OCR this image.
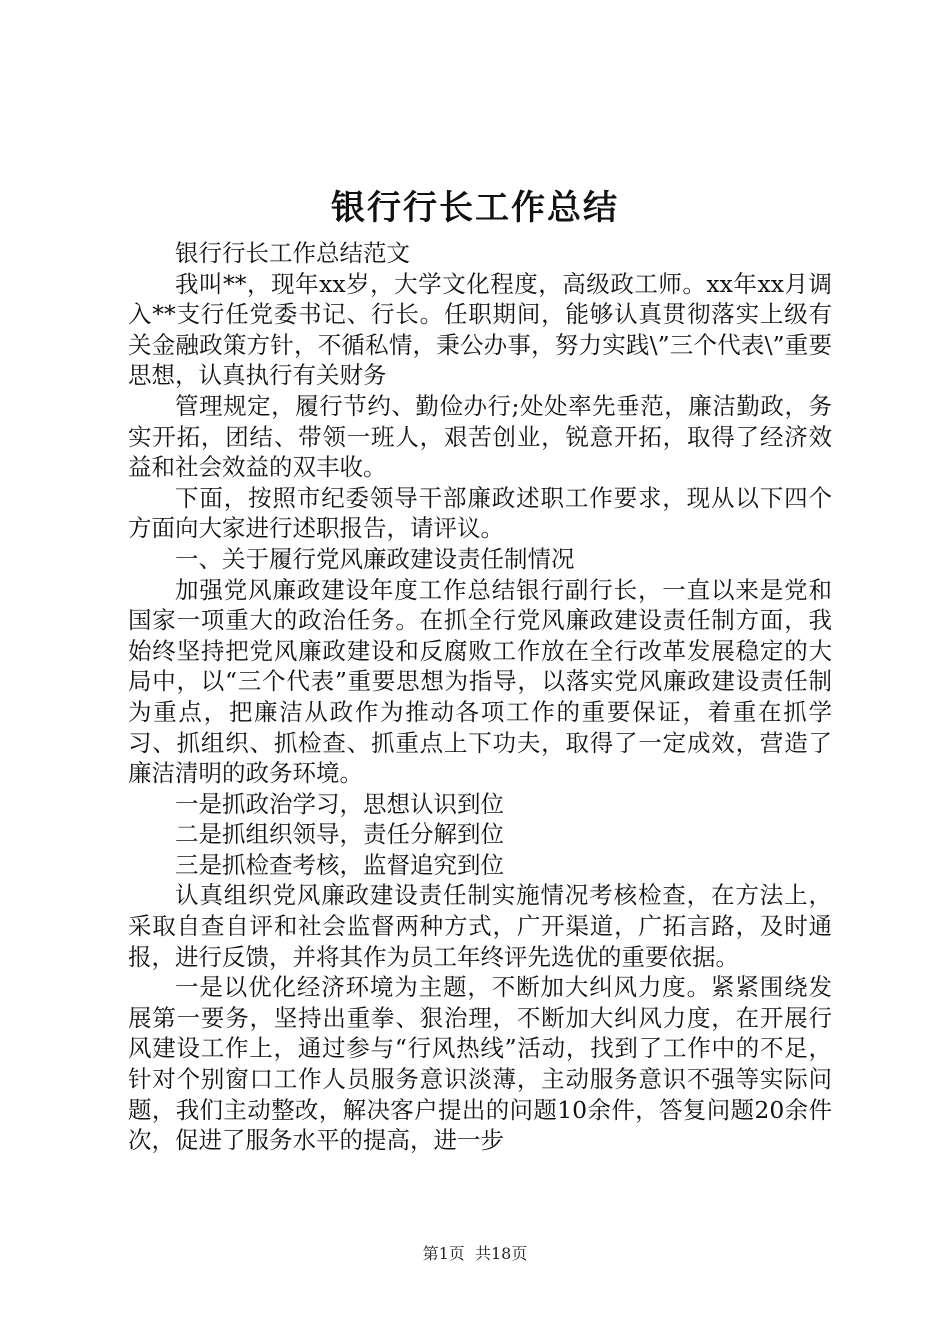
银行行长工作总结

银行行长工作总结范文

我叫**，现年xx岁，大学文化程度，高级政工师。xx年xx月调入**支行任党委书记、行长。任职期间，能够认真贯彻落实上级有关金融政策方针，不循私情，秉公办事，努力实践\”三个代表\”重要思想，认真执行有关财务

管理规定，履行节约、勤俭办行;处处率先垂范，廉洁勤政，务实开拓，团结、带领一班人，艰苦创业，锐意开拓，取得了经济效益和社会效益的双丰收。

下面，按照市纪委领导干部廉政述职工作要求，现从以下四个方面向大家进行述职报告，请评议。

一、关于履行党风廉政建设责任制情况

加强党风廉政建设年度工作总结银行副行长，一直以来是党和国家一项重大的政治任务。在抓全行党风廉政建设责任制方面，我始终坚持把党风廉政建设和反腐败工作放在全行改革发展稳定的大局中，以“三个代表”重要思想为指导，以落实党风廉政建设责任制为重点，把廉洁从政作为推动各项工作的重要保证，着重在抓学习、抓组织、抓检查、抓重点上下功夫，取得了一定成效，营造了廉洁清明的政务环境。

一是抓政治学习，思想认识到位

二是抓组织领导，责任分解到位

三是抓检查考核，监督追究到位

认真组织党风廉政建设责任制实施情况考核检查，在方法上，采取自查自评和社会监督两种方式，广开渠道，广拓言路，及时通报，进行反馈，并将其作为员工年终评先选优的重要依据。

一是以优化经济环境为主题，不断加大纠风力度。紧紧围绕发展第一要务，坚持出重拳、狠治理，不断加大纠风力度，在开展行风建设工作上，通过参与“行风热线”活动，找到了工作中的不足，针对个别窗口工作人员服务意识淡薄，主动服务意识不强等实际问题，我们主动整改，解决客户提出的问题10余件，答复问题20余件次，促进了服务水平的提高，进一步

第1页 共18页
